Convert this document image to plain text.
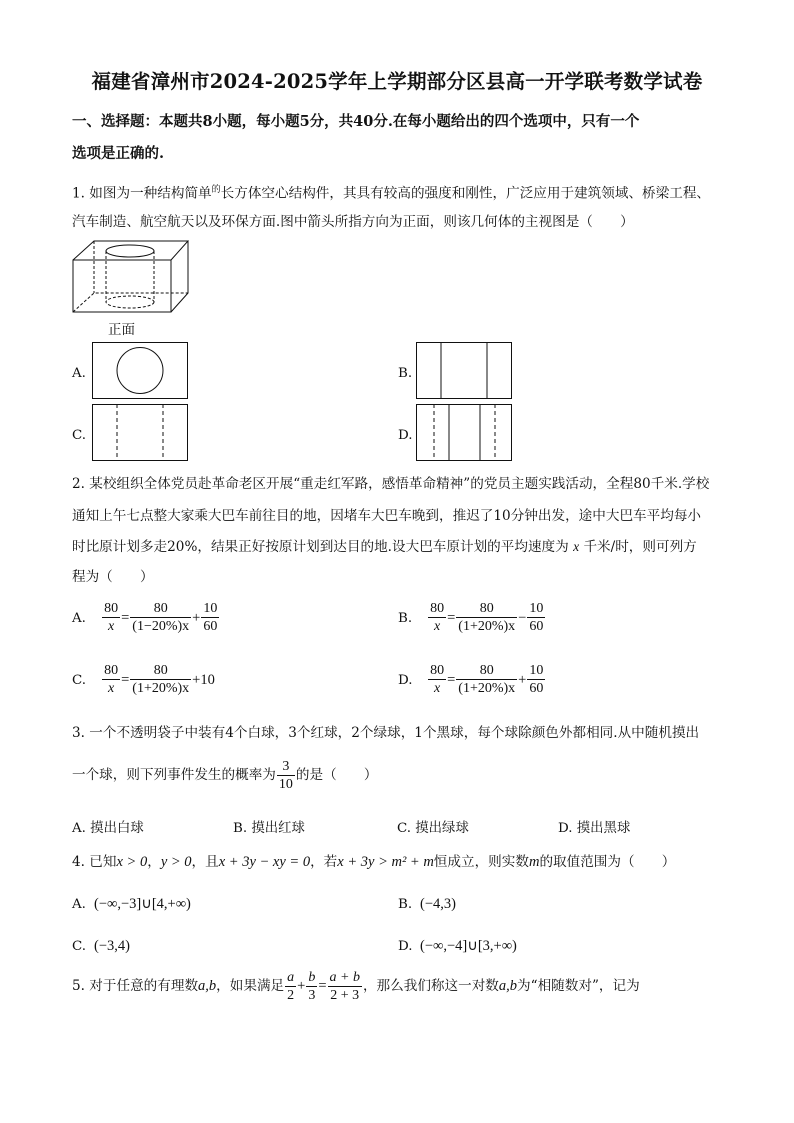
福建省漳州市2024-2025学年上学期部分区县高一开学联考数学试卷
一、选择题：本题共8小题，每小题5分，共40分.在每小题给出的四个选项中，只有一个
选项是正确的.
1. 如图为一种结构简单$^的$长方体空心结构件，其具有较高的强度和刚性，广泛应用于建筑领域、桥梁工程、
汽车制造、航空航天以及环保方面.图中箭头所指方向为正面，则该几何体的主视图是（　　）
正面
A.	B.
C.	D.
2. 某校组织全体党员赴革命老区开展“重走红军路，感悟革命精神”的党员主题实践活动，全程80千米.学校
通知上午七点整大家乘大巴车前往目的地，因堵车大巴车晚到，推迟了10分钟出发，途中大巴车平均每小
时比原计划多走20%，结果正好按原计划到达目的地.设大巴车原计划的平均速度为 x 千米/时，则可列方
程为（　　）
A. $\frac{80}{x} = \frac{80}{(1-20\%)x} + \frac{10}{60}$	B. $\frac{80}{x} = \frac{80}{(1+20\%)x} - \frac{10}{60}$
C. $\frac{80}{x} = \frac{80}{(1+20\%)x} +10$	D. $\frac{80}{x} = \frac{80}{(1+20\%)x} + \frac{10}{60}$
3. 一个不透明袋子中装有4个白球，3个红球，2个绿球，1个黑球，每个球除颜色外都相同.从中随机摸出
一个球，则下列事件发生的概率为 $\frac{3}{10}$ 的是（　　）
A. 摸出白球	B. 摸出红球	C. 摸出绿球	D. 摸出黑球
4. 已知x > 0，y > 0，且x + 3y − xy = 0，若x + 3y > m² + m恒成立，则实数m的取值范围为（　　）
A. (−∞,−3]∪[4,+∞)	B. (−4,3)
C. (−3,4)	D. (−∞,−4]∪[3,+∞)
5. 对于任意的有理数a,b，如果满足 $\frac{a}{2} + \frac{b}{3} = \frac{a + b}{2 + 3}$ ，那么我们称这一对数a,b为“相随数对”，记为
